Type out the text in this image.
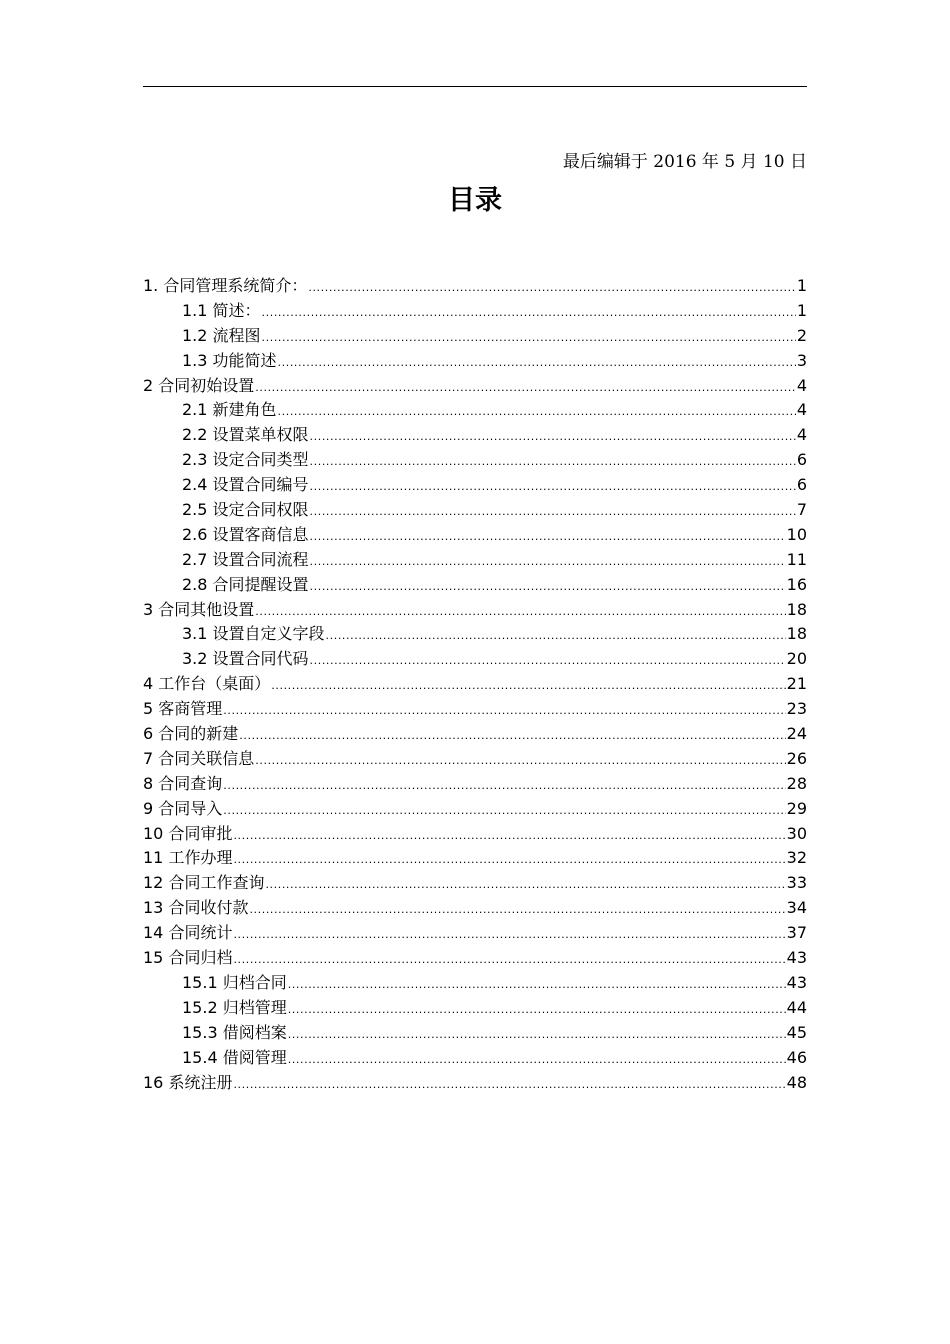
最后编辑于 2016 年 5 月 10 日
目录
1. 合同管理系统简介： .....	1
1.1 简述： .....	1
1.2 流程图 .....	2
1.3 功能简述 .....	3
2 合同初始设置 .....	4
2.1 新建角色 .....	4
2.2 设置菜单权限 .....	4
2.3 设定合同类型 .....	6
2.4 设置合同编号 .....	6
2.5 设定合同权限 .....	7
2.6 设置客商信息 .....	10
2.7 设置合同流程 .....	11
2.8 合同提醒设置 .....	16
3 合同其他设置 .....	18
3.1 设置自定义字段 .....	18
3.2 设置合同代码 .....	20
4 工作台（桌面） .....	21
5 客商管理 .....	23
6 合同的新建 .....	24
7 合同关联信息 .....	26
8 合同查询 .....	28
9 合同导入 .....	29
10 合同审批 .....	30
11 工作办理 .....	32
12 合同工作查询 .....	33
13 合同收付款 .....	34
14 合同统计 .....	37
15 合同归档 .....	43
15.1 归档合同 .....	43
15.2 归档管理 .....	44
15.3 借阅档案 .....	45
15.4 借阅管理 .....	46
16 系统注册 .....	48
